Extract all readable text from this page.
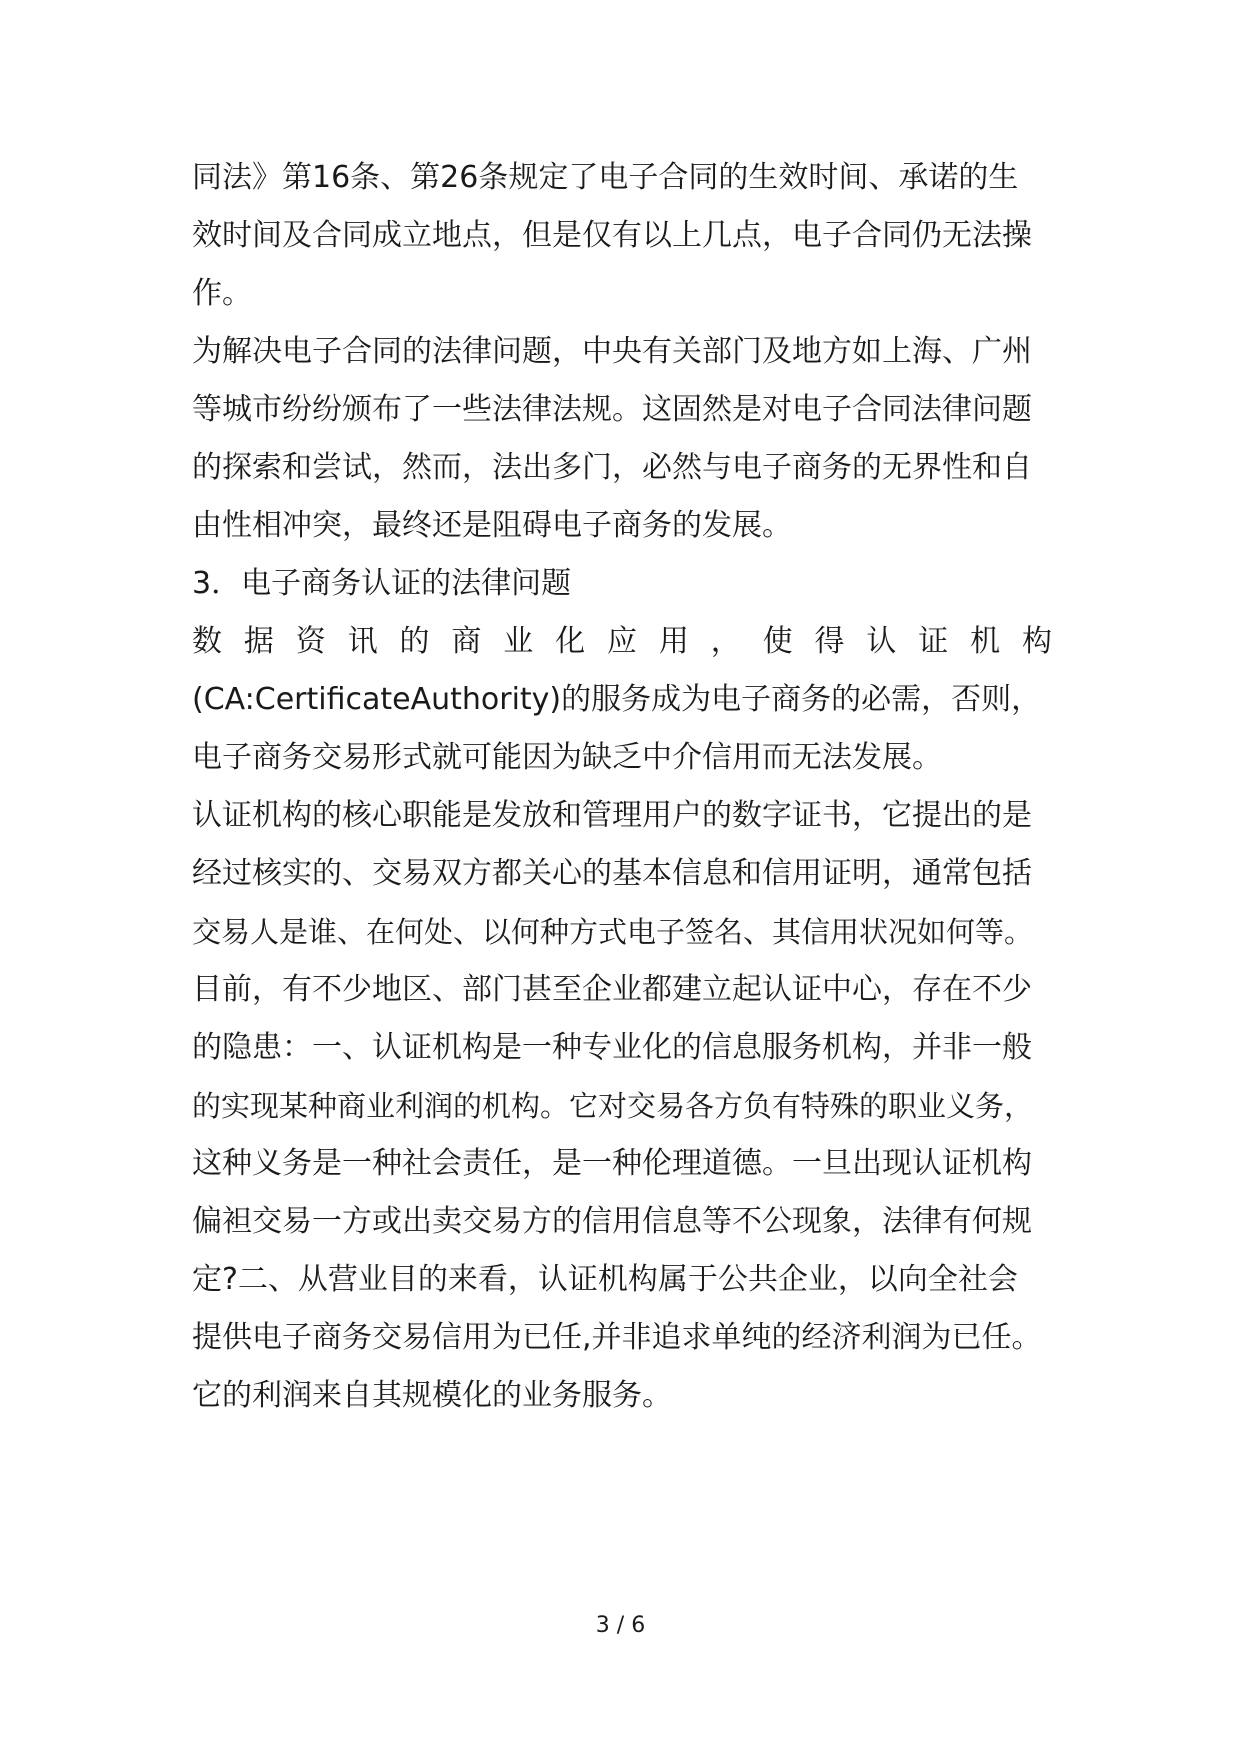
同法》第16条、第26条规定了电子合同的生效时间、承诺的生
效时间及合同成立地点，但是仅有以上几点，电子合同仍无法操
作。
为解决电子合同的法律问题，中央有关部门及地方如上海、广州
等城市纷纷颁布了一些法律法规。这固然是对电子合同法律问题
的探索和尝试，然而，法出多门，必然与电子商务的无界性和自
由性相冲突，最终还是阻碍电子商务的发展。
3．电子商务认证的法律问题
数 据 资 讯 的 商 业 化 应 用 ， 使 得 认 证 机 构
(CA:CertificateAuthority)的服务成为电子商务的必需，否则，
电子商务交易形式就可能因为缺乏中介信用而无法发展。
认证机构的核心职能是发放和管理用户的数字证书，它提出的是
经过核实的、交易双方都关心的基本信息和信用证明，通常包括
交易人是谁、在何处、以何种方式电子签名、其信用状况如何等。
目前，有不少地区、部门甚至企业都建立起认证中心，存在不少
的隐患：一、认证机构是一种专业化的信息服务机构，并非一般
的实现某种商业利润的机构。它对交易各方负有特殊的职业义务，
这种义务是一种社会责任，是一种伦理道德。一旦出现认证机构
偏袒交易一方或出卖交易方的信用信息等不公现象，法律有何规
定?二、从营业目的来看，认证机构属于公共企业，以向全社会
提供电子商务交易信用为已任,并非追求单纯的经济利润为已任。
它的利润来自其规模化的业务服务。
3 / 6
